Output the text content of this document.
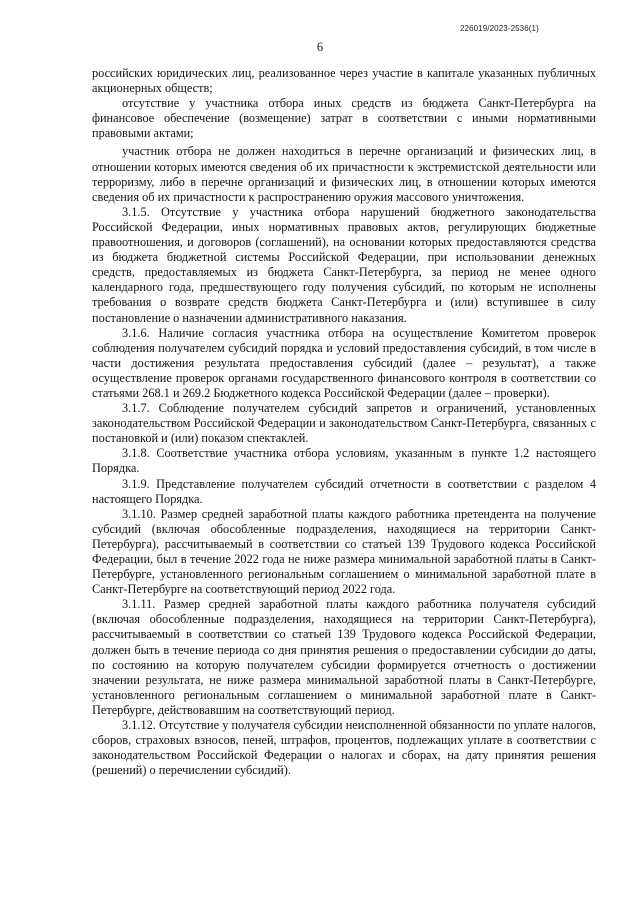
226019/2023-2536(1)
6

российских юридических лиц, реализованное через участие в капитале указанных публичных акционерных обществ;

отсутствие у участника отбора иных средств из бюджета Санкт-Петербурга на финансовое обеспечение (возмещение) затрат в соответствии с иными нормативными правовыми актами;

участник отбора не должен находиться в перечне организаций и физических лиц, в отношении которых имеются сведения об их причастности к экстремистской деятельности или терроризму, либо в перечне организаций и физических лиц, в отношении которых имеются сведения об их причастности к распространению оружия массового уничтожения.

3.1.5. Отсутствие у участника отбора нарушений бюджетного законодательства Российской Федерации, иных нормативных правовых актов, регулирующих бюджетные правоотношения, и договоров (соглашений), на основании которых предоставляются средства из бюджета бюджетной системы Российской Федерации, при использовании денежных средств, предоставляемых из бюджета Санкт-Петербурга, за период не менее одного календарного года, предшествующего году получения субсидий, по которым не исполнены требования о возврате средств бюджета Санкт-Петербурга и (или) вступившее в силу постановление о назначении административного наказания.

3.1.6. Наличие согласия участника отбора на осуществление Комитетом проверок соблюдения получателем субсидий порядка и условий предоставления субсидий, в том числе в части достижения результата предоставления субсидий (далее – результат), а также осуществление проверок органами государственного финансового контроля в соответствии со статьями 268.1 и 269.2 Бюджетного кодекса Российской Федерации (далее – проверки).

3.1.7. Соблюдение получателем субсидий запретов и ограничений, установленных законодательством Российской Федерации и законодательством Санкт-Петербурга, связанных с постановкой и (или) показом спектаклей.

3.1.8. Соответствие участника отбора условиям, указанным в пункте 1.2 настоящего Порядка.

3.1.9. Представление получателем субсидий отчетности в соответствии с разделом 4 настоящего Порядка.

3.1.10. Размер средней заработной платы каждого работника претендента на получение субсидий (включая обособленные подразделения, находящиеся на территории Санкт-Петербурга), рассчитываемый в соответствии со статьей 139 Трудового кодекса Российской Федерации, был в течение 2022 года не ниже размера минимальной заработной платы в Санкт-Петербурге, установленного региональным соглашением о минимальной заработной плате в Санкт-Петербурге на соответствующий период 2022 года.

3.1.11. Размер средней заработной платы каждого работника получателя субсидий (включая обособленные подразделения, находящиеся на территории Санкт-Петербурга), рассчитываемый в соответствии со статьей 139 Трудового кодекса Российской Федерации, должен быть в течение периода со дня принятия решения о предоставлении субсидии до даты, по состоянию на которую получателем субсидии формируется отчетность о достижении значении результата, не ниже размера минимальной заработной платы в Санкт-Петербурге, установленного региональным соглашением о минимальной заработной плате в Санкт-Петербурге, действовавшим на соответствующий период.

3.1.12. Отсутствие у получателя субсидии неисполненной обязанности по уплате налогов, сборов, страховых взносов, пеней, штрафов, процентов, подлежащих уплате в соответствии с законодательством Российской Федерации о налогах и сборах, на дату принятия решения (решений) о перечислении субсидий).
